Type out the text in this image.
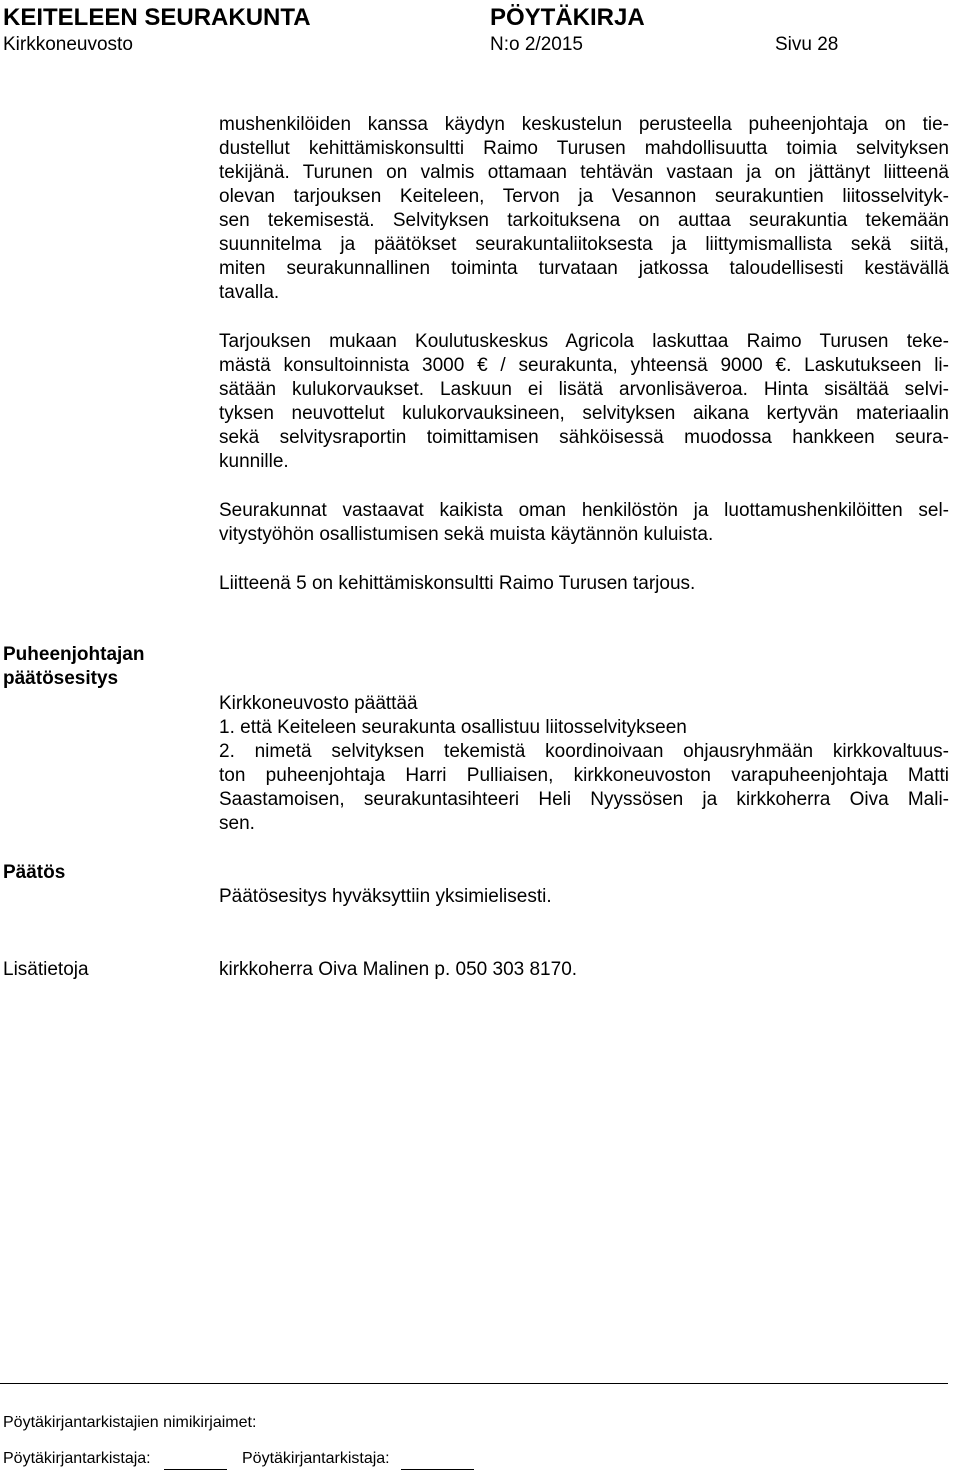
KEITELEEN SEURAKUNTA	PÖYTÄKIRJA
Kirkkoneuvosto	N:o 2/2015	Sivu 28
mushenkilöiden kanssa käydyn keskustelun perusteella puheenjohtaja on tie-
dustellut kehittämiskonsultti Raimo Turusen mahdollisuutta toimia selvityksen
tekijänä. Turunen on valmis ottamaan tehtävän vastaan ja on jättänyt liitteenä
olevan tarjouksen Keiteleen, Tervon ja Vesannon seurakuntien liitosselvityk-
sen tekemisestä. Selvityksen tarkoituksena on auttaa seurakuntia tekemään
suunnitelma ja päätökset seurakuntaliitoksesta ja liittymismallista sekä siitä,
miten seurakunnallinen toiminta turvataan jatkossa taloudellisesti kestävällä
tavalla.
Tarjouksen mukaan Koulutuskeskus Agricola laskuttaa Raimo Turusen teke-
mästä konsultoinnista 3000 € / seurakunta, yhteensä 9000 €. Laskutukseen li-
sätään kulukorvaukset. Laskuun ei lisätä arvonlisäveroa. Hinta sisältää selvi-
tyksen neuvottelut kulukorvauksineen, selvityksen aikana kertyvän materiaalin
sekä selvitysraportin toimittamisen sähköisessä muodossa hankkeen seura-
kunnille.
Seurakunnat vastaavat kaikista oman henkilöstön ja luottamushenkilöitten sel-
vitystyöhön osallistumisen sekä muista käytännön kuluista.
Liitteenä 5 on kehittämiskonsultti Raimo Turusen tarjous.
Puheenjohtajan
päätösesitys
Kirkkoneuvosto päättää
1. että Keiteleen seurakunta osallistuu liitosselvitykseen
2. nimetä selvityksen tekemistä koordinoivaan ohjausryhmään kirkkovaltuus-
ton puheenjohtaja Harri Pulliaisen, kirkkoneuvoston varapuheenjohtaja Matti
Saastamoisen, seurakuntasihteeri Heli Nyyssösen ja kirkkoherra Oiva Mali-
sen.
Päätös
Päätösesitys hyväksyttiin yksimielisesti.
Lisätietoja	kirkkoherra Oiva Malinen p. 050 303 8170.
Pöytäkirjantarkistajien nimikirjaimet:
Pöytäkirjantarkistaja:	Pöytäkirjantarkistaja:
